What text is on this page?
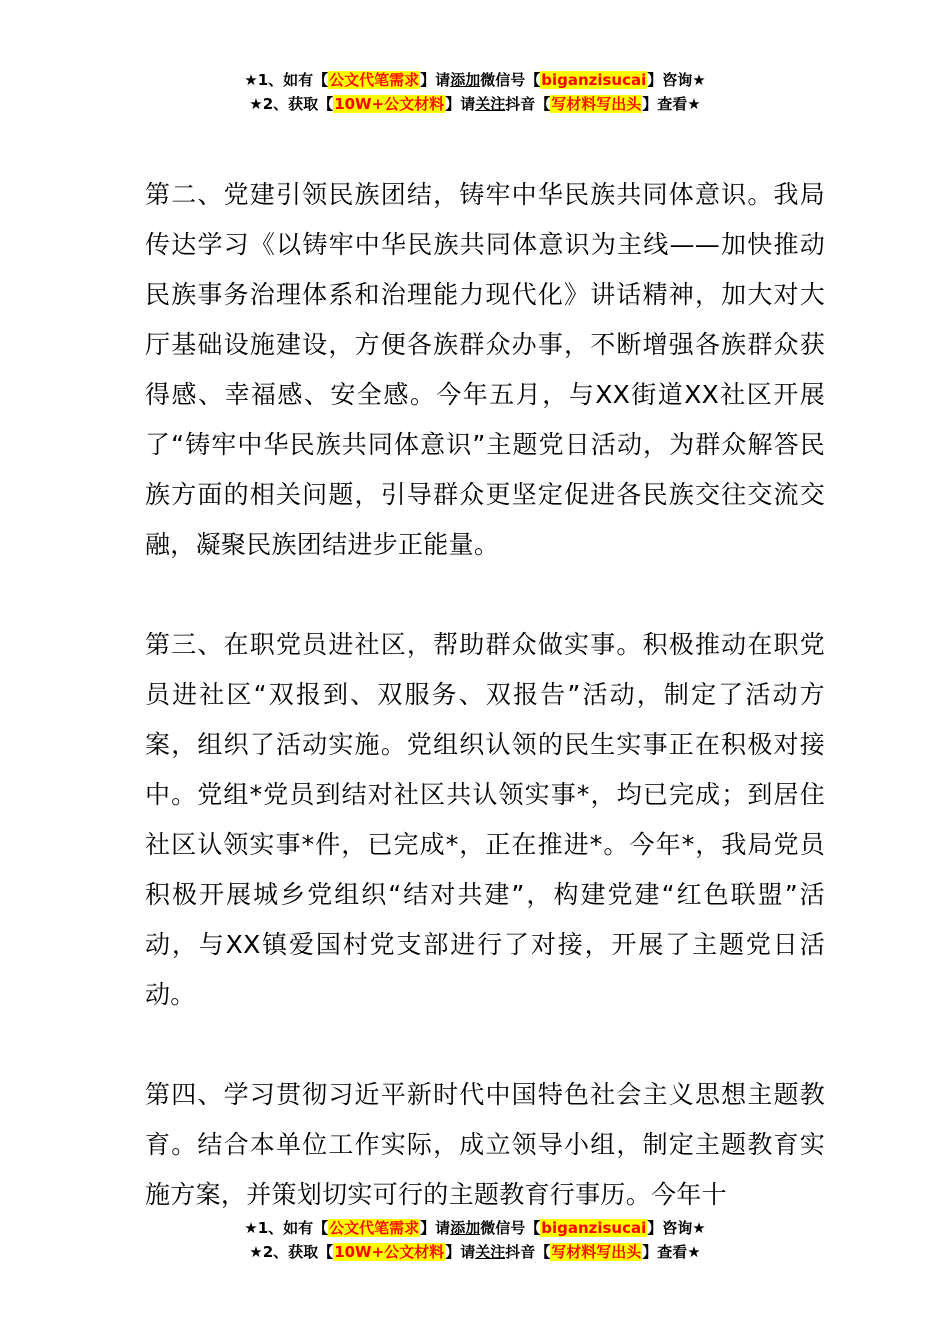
★1、如有【公文代笔需求】请添加微信号【biganzisucai】咨询★
★2、获取【10W+公文材料】请关注抖音【写材料写出头】查看★

第二、党建引领民族团结，铸牢中华民族共同体意识。我局传达学习《以铸牢中华民族共同体意识为主线——加快推动民族事务治理体系和治理能力现代化》讲话精神，加大对大厅基础设施建设，方便各族群众办事，不断增强各族群众获得感、幸福感、安全感。今年五月，与XX街道XX社区开展了“铸牢中华民族共同体意识”主题党日活动，为群众解答民族方面的相关问题，引导群众更坚定促进各民族交往交流交融，凝聚民族团结进步正能量。

第三、在职党员进社区，帮助群众做实事。积极推动在职党员进社区“双报到、双服务、双报告”活动，制定了活动方案，组织了活动实施。党组织认领的民生实事正在积极对接中。党组*党员到结对社区共认领实事*，均已完成；到居住社区认领实事*件，已完成*，正在推进*。今年*，我局党员积极开展城乡党组织“结对共建”，构建党建“红色联盟”活动，与XX镇爱国村党支部进行了对接，开展了主题党日活动。

第四、学习贯彻习近平新时代中国特色社会主义思想主题教育。结合本单位工作实际，成立领导小组，制定主题教育实施方案，并策划切实可行的主题教育行事历。今年十

★1、如有【公文代笔需求】请添加微信号【biganzisucai】咨询★
★2、获取【10W+公文材料】请关注抖音【写材料写出头】查看★
